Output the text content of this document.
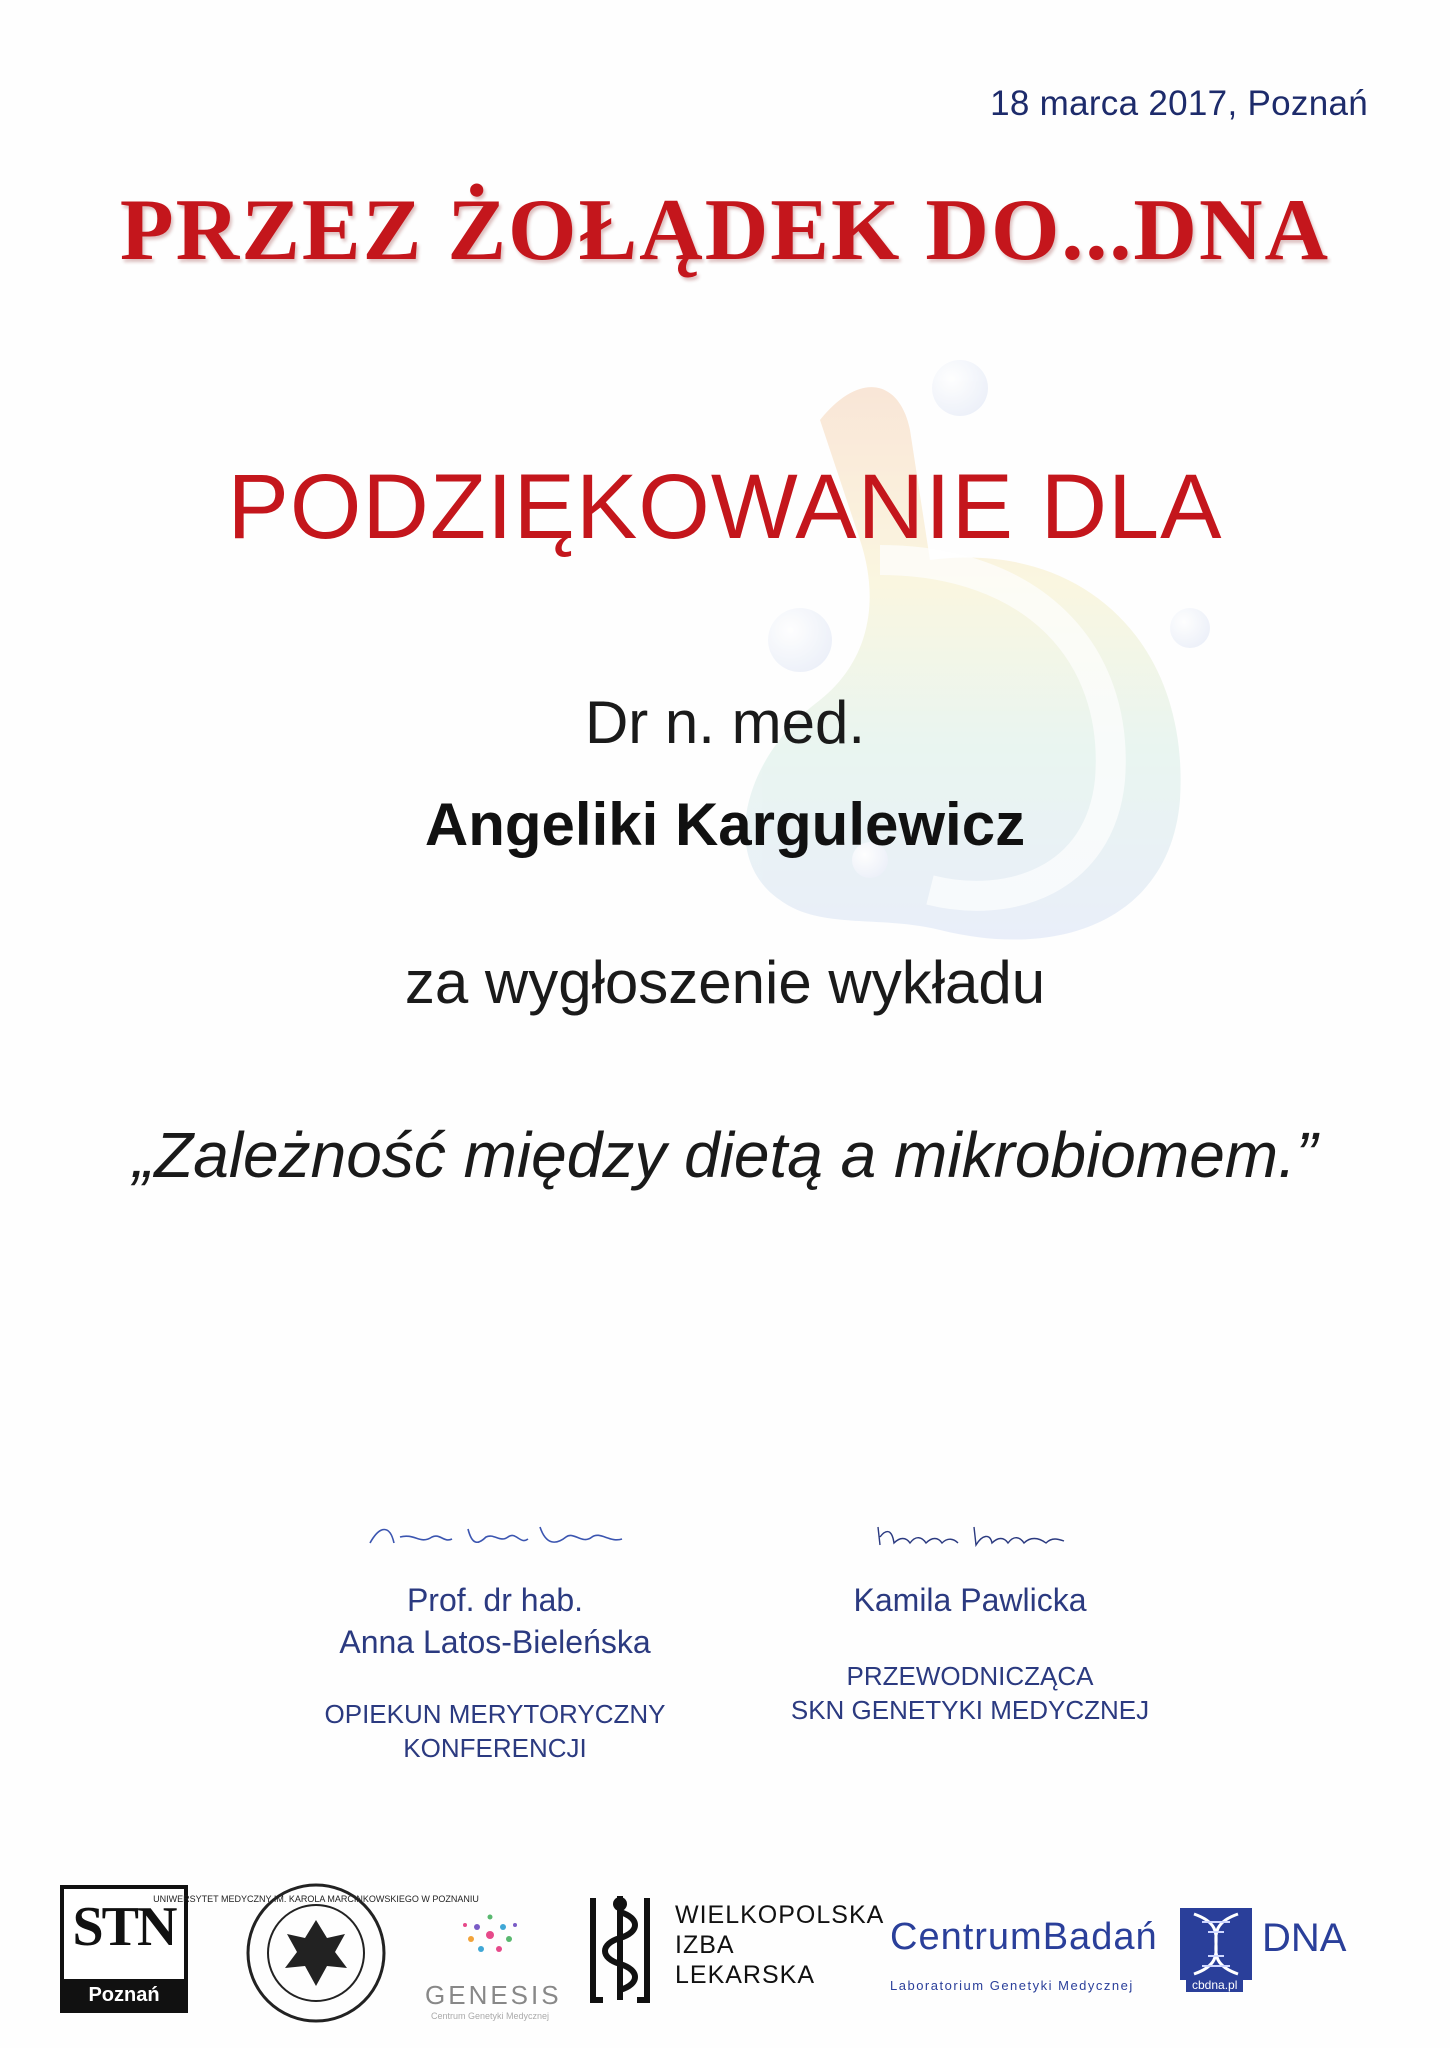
18 marca 2017, Poznań
PRZEZ ŻOŁĄDEK DO...DNA
PODZIĘKOWANIE DLA
Dr n. med.
Angeliki Kargulewicz
za wygłoszenie wykładu
„Zależność między dietą a mikrobiomem.”
Prof. dr hab.
Anna Latos-Bieleńska
OPIEKUN MERYTORYCZNY
KONFERENCJI
Kamila Pawlicka
PRZEWODNICZĄCA
SKN GENETYKI MEDYCZNEJ
STN
Poznań
UNIWERSYTET MEDYCZNY IM. KAROLA MARCINKOWSKIEGO W POZNANIU
GENESIS
Centrum Genetyki Medycznej
WIELKOPOLSKA
IZBA
LEKARSKA
CentrumBadań	DNA
Laboratorium Genetyki Medycznej	cbdna.pl
